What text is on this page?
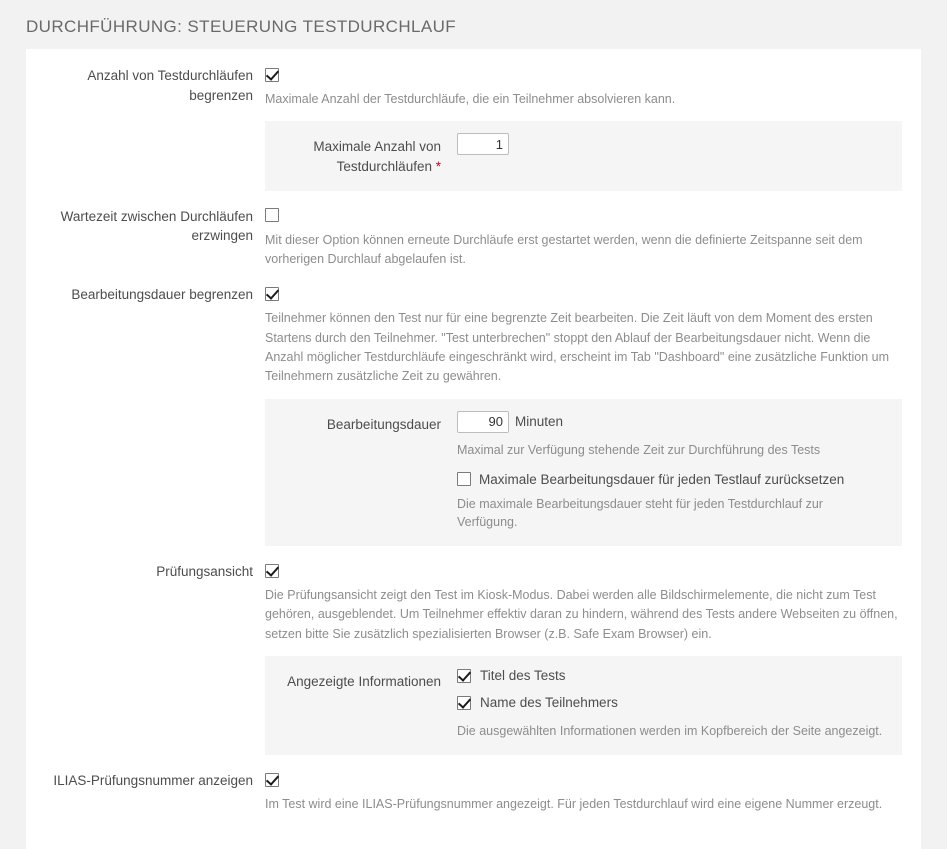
DURCHFÜHRUNG: STEUERUNG TESTDURCHLAUF
Anzahl von Testdurchläufen begrenzen Maximale Anzahl der Testdurchläufe, die ein Teilnehmer absolvieren kann.
Maximale Anzahl von Testdurchläufen *
1
Wartezeit zwischen Durchläufen erzwingen Mit dieser Option können erneute Durchläufe erst gestartet werden, wenn die definierte Zeitspanne seit dem vorherigen Durchlauf abgelaufen ist.
Bearbeitungsdauer begrenzen
Teilnehmer können den Test nur für eine begrenzte Zeit bearbeiten. Die Zeit läuft von dem Moment des ersten Startens durch den Teilnehmer. "Test unterbrechen" stoppt den Ablauf der Bearbeitungsdauer nicht. Wenn die Anzahl möglicher Testdurchläufe eingeschränkt wird, erscheint im Tab "Dashboard" eine zusätzliche Funktion um Teilnehmern zusätzliche Zeit zu gewähren.
Bearbeitungsdauer
90	Minuten
Maximal zur Verfügung stehende Zeit zur Durchführung des Tests
Maximale Bearbeitungsdauer für jeden Testlauf zurücksetzen
Die maximale Bearbeitungsdauer steht für jeden Testdurchlauf zur Verfügung.
Prüfungsansicht
Die Prüfungsansicht zeigt den Test im Kiosk-Modus. Dabei werden alle Bildschirmelemente, die nicht zum Test gehören, ausgeblendet. Um Teilnehmer effektiv daran zu hindern, während des Tests andere Webseiten zu öffnen, setzen bitte Sie zusätzlich spezialisierten Browser (z.B. Safe Exam Browser) ein.
Angezeigte Informationen	Titel des Tests
Name des Teilnehmers
Die ausgewählten Informationen werden im Kopfbereich der Seite angezeigt.
ILIAS-Prüfungsnummer anzeigen
Im Test wird eine ILIAS-Prüfungsnummer angezeigt. Für jeden Testdurchlauf wird eine eigene Nummer erzeugt.
